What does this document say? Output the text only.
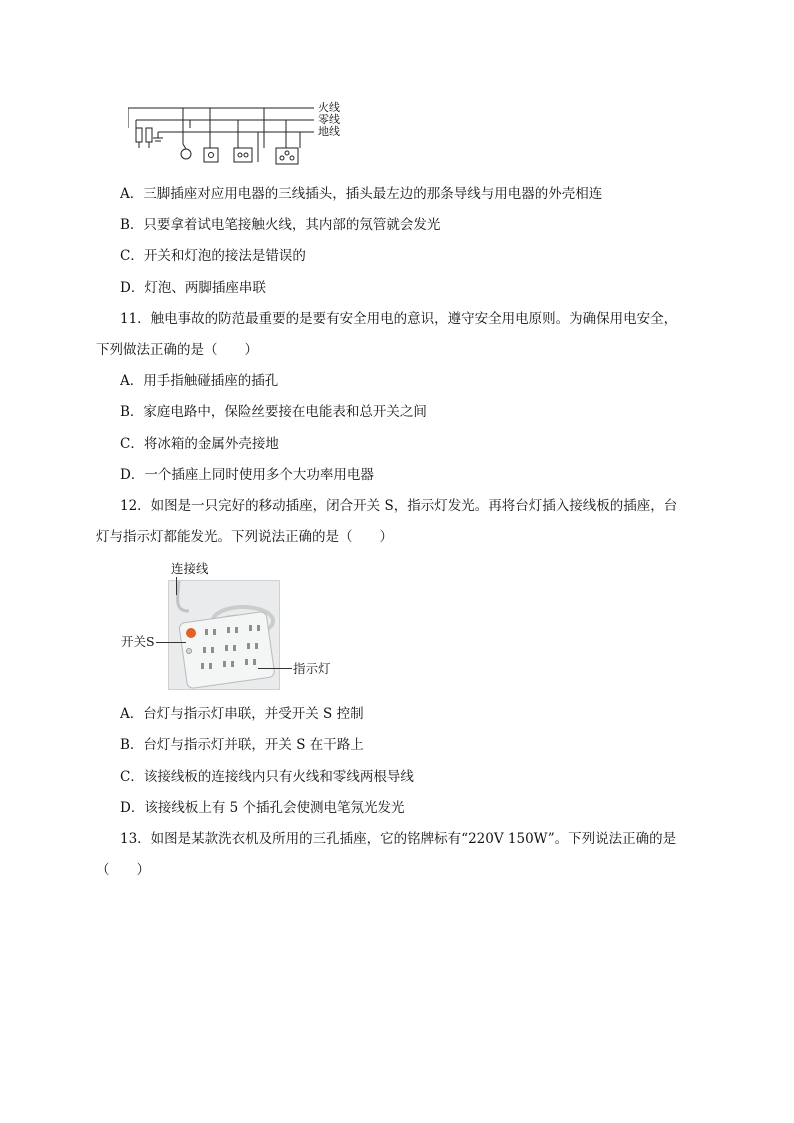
火线
零线
地线
A．三脚插座对应用电器的三线插头，插头最左边的那条导线与用电器的外壳相连
B．只要拿着试电笔接触火线，其内部的氖管就会发光
C．开关和灯泡的接法是错误的
D．灯泡、两脚插座串联
11．触电事故的防范最重要的是要有安全用电的意识，遵守安全用电原则。为确保用电安全，
下列做法正确的是（　　）
A．用手指触碰插座的插孔
B．家庭电路中，保险丝要接在电能表和总开关之间
C．将冰箱的金属外壳接地
D．一个插座上同时使用多个大功率用电器
12．如图是一只完好的移动插座，闭合开关 S，指示灯发光。再将台灯插入接线板的插座，台
灯与指示灯都能发光。下列说法正确的是（　　）
连接线
开关S
指示灯
A．台灯与指示灯串联，并受开关 S 控制
B．台灯与指示灯并联，开关 S 在干路上
C．该接线板的连接线内只有火线和零线两根导线
D．该接线板上有 5 个插孔会使测电笔氖光发光
13．如图是某款洗衣机及所用的三孔插座，它的铭牌标有“220V 150W”。下列说法正确的是
（　　）
